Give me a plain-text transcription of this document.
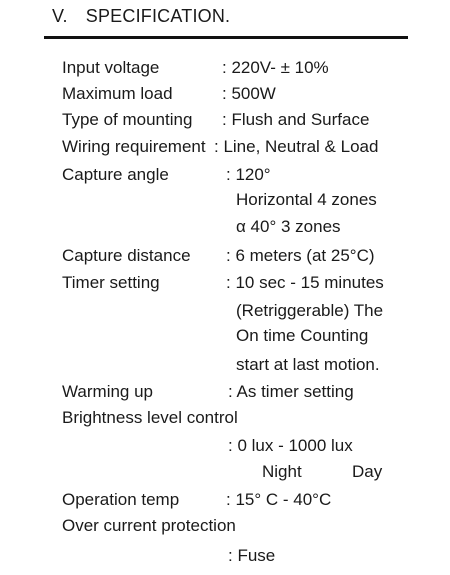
V. SPECIFICATION.
Input voltage	: 220V- ± 10%
Maximum load	: 500W
Type of mounting : Flush and Surface
Wiring requirement : Line, Neutral & Load
Capture angle	: 120°
Horizontal 4 zones
α 40° 3 zones
Capture distance : 6 meters (at 25°C)
Timer setting	: 10 sec - 15 minutes
(Retriggerable) The
On time Counting
start at last motion.
Warming up	: As timer setting
Brightness level control
: 0 lux - 1000 lux
Night	Day
Operation temp	: 15° C - 40°C
Over current protection
: Fuse
